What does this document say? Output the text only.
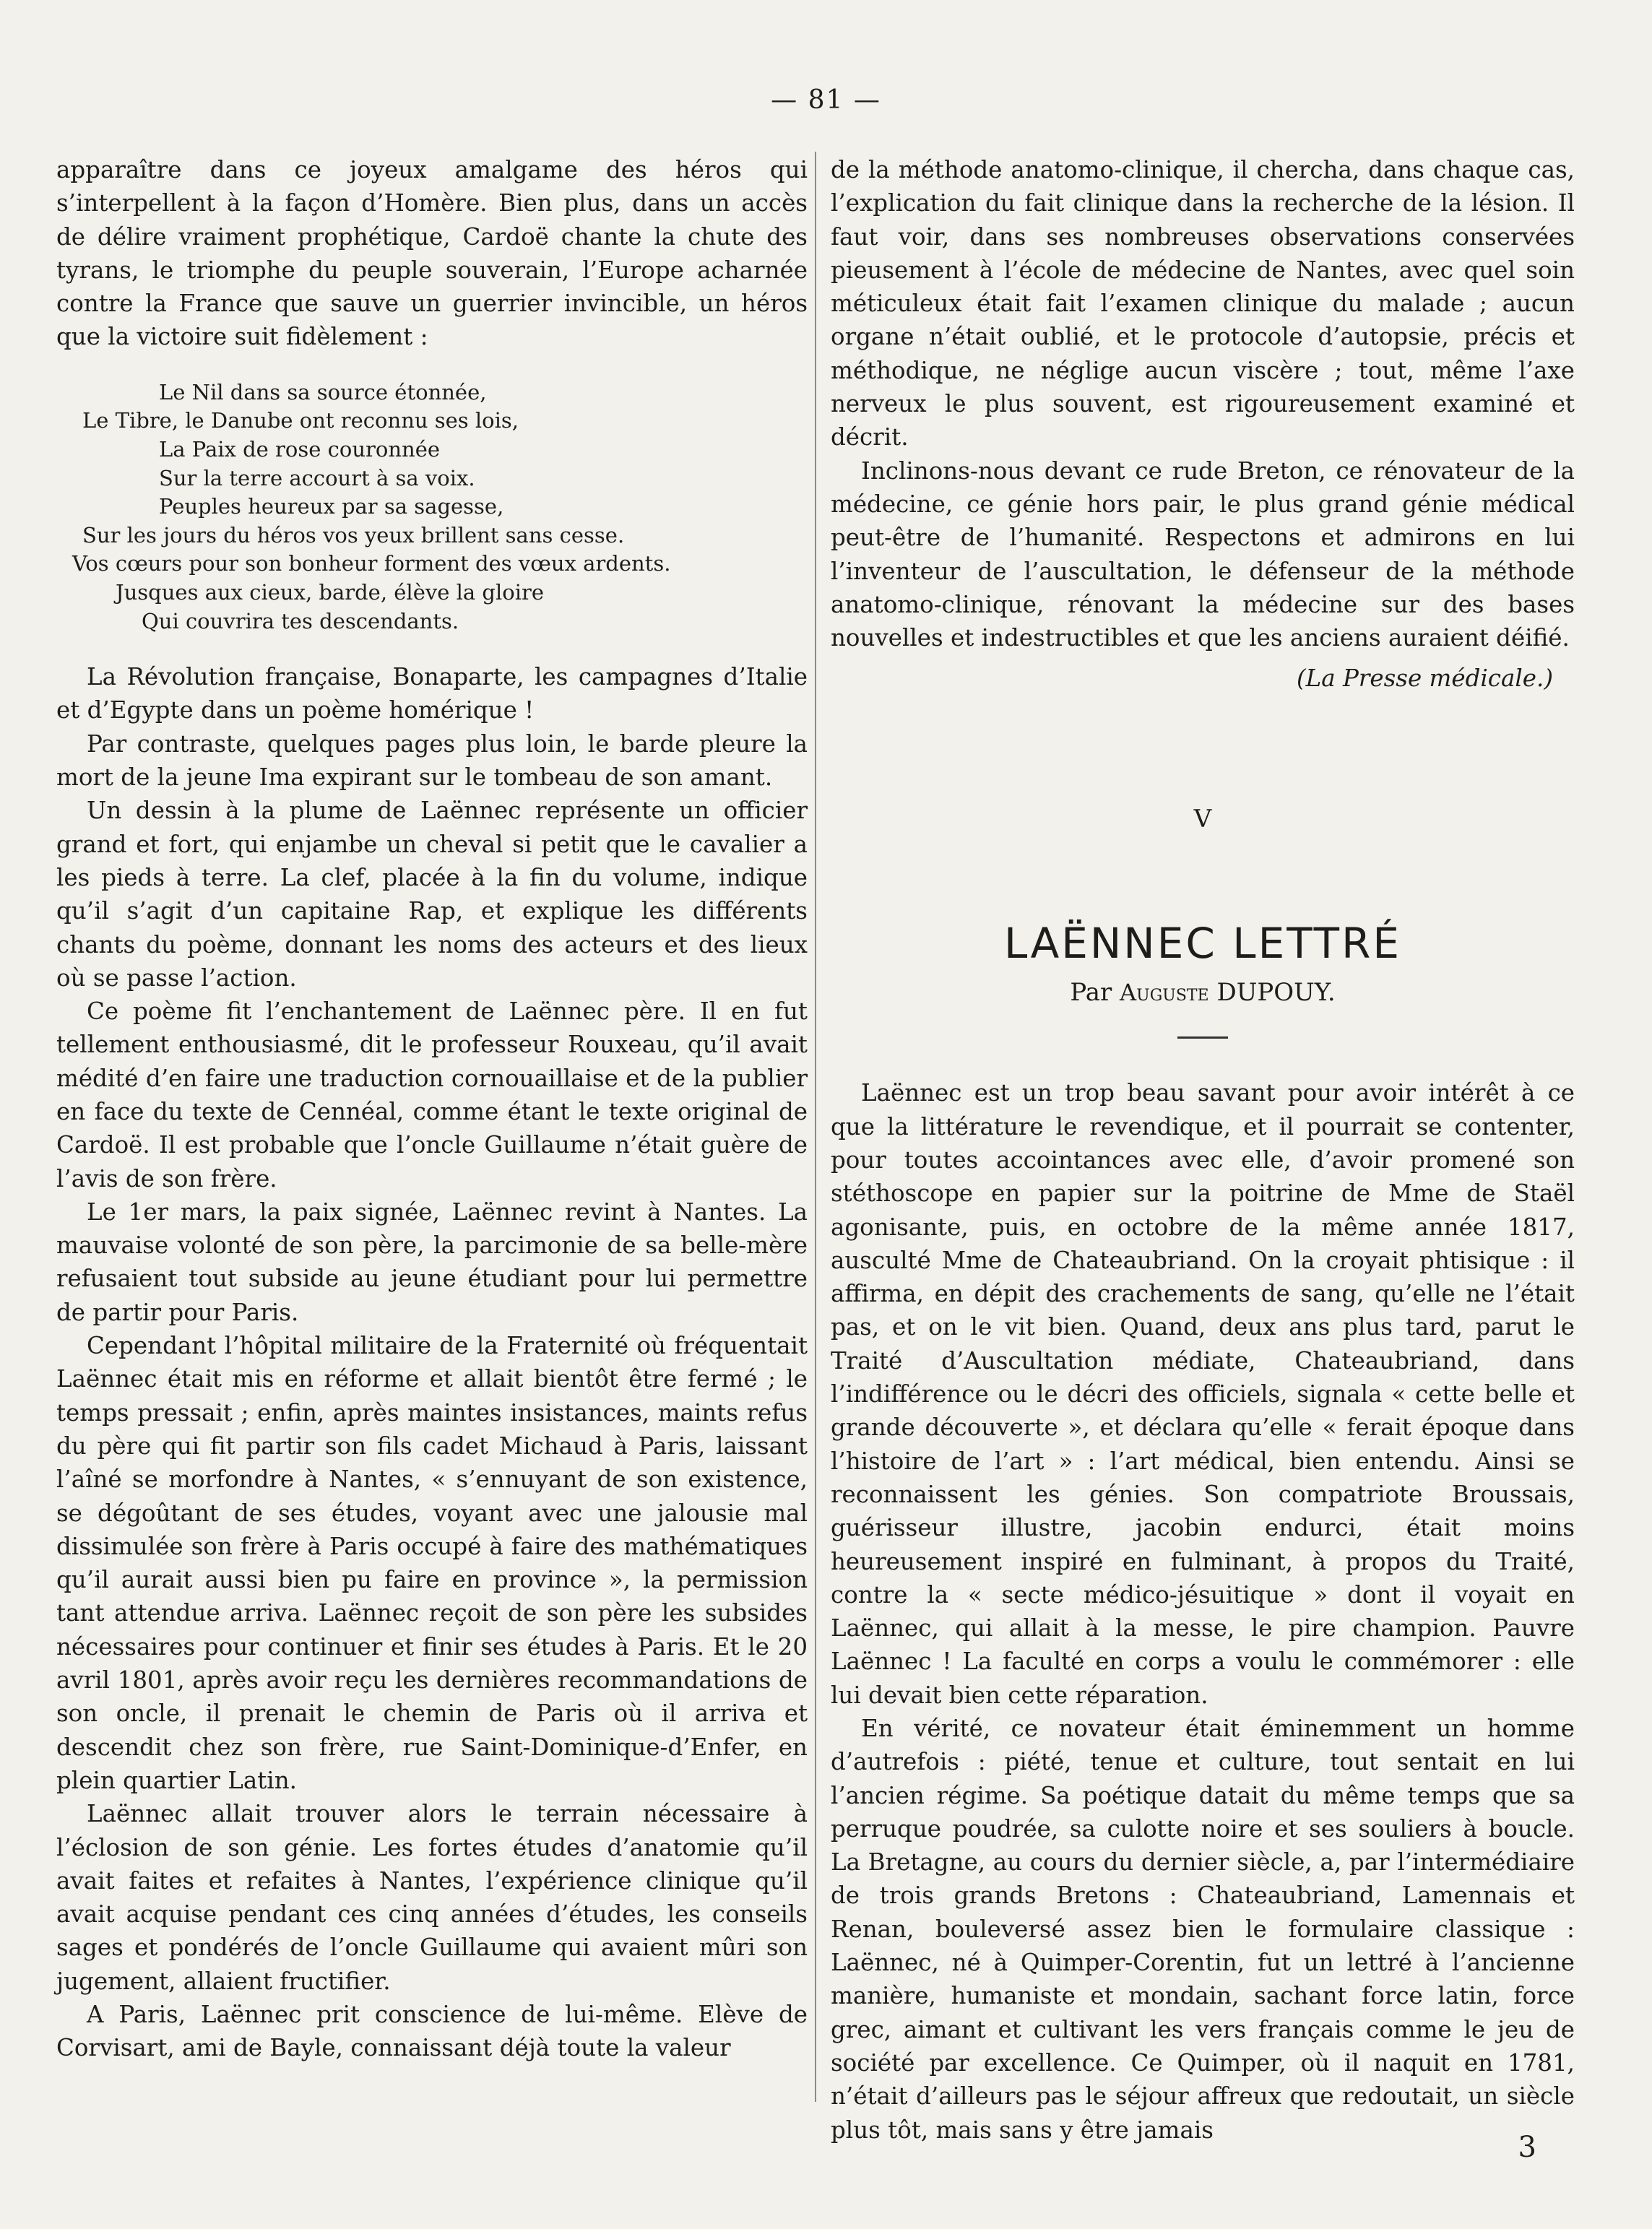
— 81 —

apparaître dans ce joyeux amalgame des héros qui s’interpellent à la façon d’Homère. Bien plus, dans un accès de délire vraiment prophétique, Cardoë chante la chute des tyrans, le triomphe du peuple souverain, l’Europe acharnée contre la France que sauve un guerrier invincible, un héros que la victoire suit fidèlement :

Le Nil dans sa source étonnée,
Le Tibre, le Danube ont reconnu ses lois,
La Paix de rose couronnée
Sur la terre accourt à sa voix.
Peuples heureux par sa sagesse,
Sur les jours du héros vos yeux brillent sans cesse.
Vos cœurs pour son bonheur forment des vœux ardents.
Jusques aux cieux, barde, élève la gloire
Qui couvrira tes descendants.

La Révolution française, Bonaparte, les campagnes d’Italie et d’Egypte dans un poème homérique !

Par contraste, quelques pages plus loin, le barde pleure la mort de la jeune Ima expirant sur le tombeau de son amant.

Un dessin à la plume de Laënnec représente un officier grand et fort, qui enjambe un cheval si petit que le cavalier a les pieds à terre. La clef, placée à la fin du volume, indique qu’il s’agit d’un capitaine Rap, et explique les différents chants du poème, donnant les noms des acteurs et des lieux où se passe l’action.

Ce poème fit l’enchantement de Laënnec père. Il en fut tellement enthousiasmé, dit le professeur Rouxeau, qu’il avait médité d’en faire une traduction cornouaillaise et de la publier en face du texte de Cennéal, comme étant le texte original de Cardoë. Il est probable que l’oncle Guillaume n’était guère de l’avis de son frère.

Le 1er mars, la paix signée, Laënnec revint à Nantes. La mauvaise volonté de son père, la parcimonie de sa belle-mère refusaient tout subside au jeune étudiant pour lui permettre de partir pour Paris.

Cependant l’hôpital militaire de la Fraternité où fréquentait Laënnec était mis en réforme et allait bientôt être fermé ; le temps pressait ; enfin, après maintes insistances, maints refus du père qui fit partir son fils cadet Michaud à Paris, laissant l’aîné se morfondre à Nantes, « s’ennuyant de son existence, se dégoûtant de ses études, voyant avec une jalousie mal dissimulée son frère à Paris occupé à faire des mathématiques qu’il aurait aussi bien pu faire en province », la permission tant attendue arriva. Laënnec reçoit de son père les subsides nécessaires pour continuer et finir ses études à Paris. Et le 20 avril 1801, après avoir reçu les dernières recommandations de son oncle, il prenait le chemin de Paris où il arriva et descendit chez son frère, rue Saint-Dominique-d’Enfer, en plein quartier Latin.

Laënnec allait trouver alors le terrain nécessaire à l’éclosion de son génie. Les fortes études d’anatomie qu’il avait faites et refaites à Nantes, l’expérience clinique qu’il avait acquise pendant ces cinq années d’études, les conseils sages et pondérés de l’oncle Guillaume qui avaient mûri son jugement, allaient fructifier.

A Paris, Laënnec prit conscience de lui-même. Elève de Corvisart, ami de Bayle, connaissant déjà toute la valeur

de la méthode anatomo-clinique, il chercha, dans chaque cas, l’explication du fait clinique dans la recherche de la lésion. Il faut voir, dans ses nombreuses observations conservées pieusement à l’école de médecine de Nantes, avec quel soin méticuleux était fait l’examen clinique du malade ; aucun organe n’était oublié, et le protocole d’autopsie, précis et méthodique, ne néglige aucun viscère ; tout, même l’axe nerveux le plus souvent, est rigoureusement examiné et décrit.

Inclinons-nous devant ce rude Breton, ce rénovateur de la médecine, ce génie hors pair, le plus grand génie médical peut-être de l’humanité. Respectons et admirons en lui l’inventeur de l’auscultation, le défenseur de la méthode anatomo-clinique, rénovant la médecine sur des bases nouvelles et indestructibles et que les anciens auraient déifié.

(La Presse médicale.)
V
LAËNNEC LETTRÉ
Par Auguste DUPOUY.

Laënnec est un trop beau savant pour avoir intérêt à ce que la littérature le revendique, et il pourrait se contenter, pour toutes accointances avec elle, d’avoir promené son stéthoscope en papier sur la poitrine de Mme de Staël agonisante, puis, en octobre de la même année 1817, ausculté Mme de Chateaubriand. On la croyait phtisique : il affirma, en dépit des crachements de sang, qu’elle ne l’était pas, et on le vit bien. Quand, deux ans plus tard, parut le Traité d’Auscultation médiate, Chateaubriand, dans l’indifférence ou le décri des officiels, signala « cette belle et grande découverte », et déclara qu’elle « ferait époque dans l’histoire de l’art » : l’art médical, bien entendu. Ainsi se reconnaissent les génies. Son compatriote Broussais, guérisseur illustre, jacobin endurci, était moins heureusement inspiré en fulminant, à propos du Traité, contre la « secte médico-jésuitique » dont il voyait en Laënnec, qui allait à la messe, le pire champion. Pauvre Laënnec ! La faculté en corps a voulu le commémorer : elle lui devait bien cette réparation.

En vérité, ce novateur était éminemment un homme d’autrefois : piété, tenue et culture, tout sentait en lui l’ancien régime. Sa poétique datait du même temps que sa perruque poudrée, sa culotte noire et ses souliers à boucle. La Bretagne, au cours du dernier siècle, a, par l’intermédiaire de trois grands Bretons : Chateaubriand, Lamennais et Renan, bouleversé assez bien le formulaire classique : Laënnec, né à Quimper-Corentin, fut un lettré à l’ancienne manière, humaniste et mondain, sachant force latin, force grec, aimant et cultivant les vers français comme le jeu de société par excellence. Ce Quimper, où il naquit en 1781, n’était d’ailleurs pas le séjour affreux que redoutait, un siècle plus tôt, mais sans y être jamais

3
